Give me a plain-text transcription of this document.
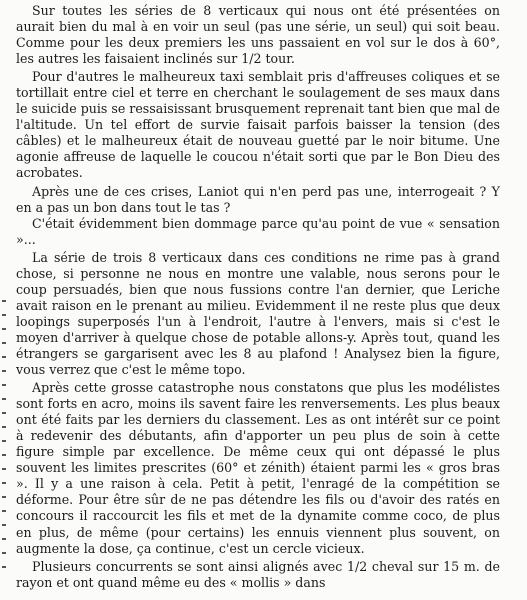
Sur toutes les séries de 8 verticaux qui nous ont été présentées on aurait bien du mal à en voir un seul (pas une série, un seul) qui soit beau. Comme pour les deux premiers les uns passaient en vol sur le dos à 60°, les autres les faisaient inclinés sur 1/2 tour.

Pour d'autres le malheureux taxi semblait pris d'affreuses coliques et se tortillait entre ciel et terre en cherchant le soulagement de ses maux dans le suicide puis se ressaisissant brusquement reprenait tant bien que mal de l'altitude. Un tel effort de survie faisait parfois baisser la tension (des câbles) et le malheureux était de nouveau guetté par le noir bitume. Une agonie affreuse de laquelle le coucou n'était sorti que par le Bon Dieu des acrobates.

Après une de ces crises, Laniot qui n'en perd pas une, interrogeait ? Y en a pas un bon dans tout le tas ?

C'était évidemment bien dommage parce qu'au point de vue « sensation »...

La série de trois 8 verticaux dans ces conditions ne rime pas à grand chose, si personne ne nous en montre une valable, nous serons pour le coup persuadés, bien que nous fussions contre l'an dernier, que Leriche avait raison en le prenant au milieu. Evidemment il ne reste plus que deux loopings superposés l'un à l'endroit, l'autre à l'envers, mais si c'est le moyen d'arriver à quelque chose de potable allons-y. Après tout, quand les étrangers se gargarisent avec les 8 au plafond ! Analysez bien la figure, vous verrez que c'est le même topo.

Après cette grosse catastrophe nous constatons que plus les modélistes sont forts en acro, moins ils savent faire les renversements. Les plus beaux ont été faits par les derniers du classement. Les as ont intérêt sur ce point à redevenir des débutants, afin d'apporter un peu plus de soin à cette figure simple par excellence. De même ceux qui ont dépassé le plus souvent les limites prescrites (60° et zénith) étaient parmi les « gros bras ». Il y a une raison à cela. Petit à petit, l'enragé de la compétition se déforme. Pour être sûr de ne pas détendre les fils ou d'avoir des ratés en concours il raccourcit les fils et met de la dynamite comme coco, de plus en plus, de même (pour certains) les ennuis viennent plus souvent, on augmente la dose, ça continue, c'est un cercle vicieux.

Plusieurs concurrents se sont ainsi alignés avec 1/2 cheval sur 15 m. de rayon et ont quand même eu des « mollis » dans
